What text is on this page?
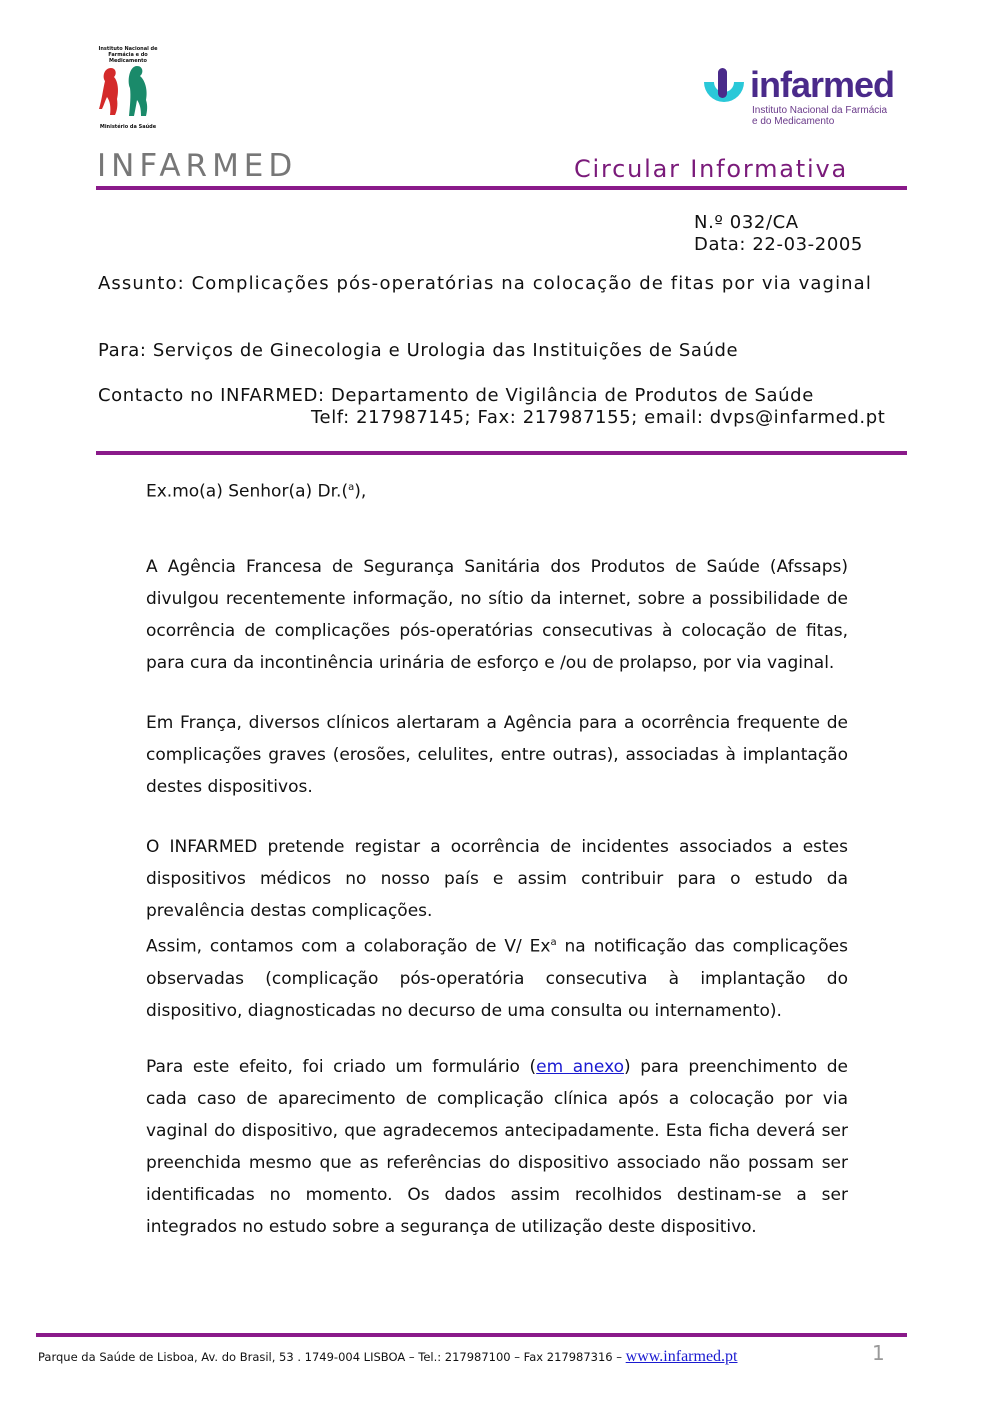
Instituto Nacional de Farmácia e do Medicamento
Ministério da Saúde
infarmed
Instituto Nacional da Farmácia
e do Medicamento
INFARMED	Circular Informativa
N.º 032/CA
Data: 22-03-2005
Assunto: Complicações pós-operatórias na colocação de fitas por via vaginal
Para: Serviços de Ginecologia e Urologia das Instituições de Saúde
Contacto no INFARMED: Departamento de Vigilância de Produtos de Saúde
Telf: 217987145; Fax: 217987155; email: dvps@infarmed.pt
Ex.mo(a) Senhor(a) Dr.($^a$),

A Agência Francesa de Segurança Sanitária dos Produtos de Saúde (Afssaps) divulgou recentemente informação, no sítio da internet, sobre a possibilidade de ocorrência de complicações pós-operatórias consecutivas à colocação de fitas, para cura da incontinência urinária de esforço e /ou de prolapso, por via vaginal.

Em França, diversos clínicos alertaram a Agência para a ocorrência frequente de complicações graves (erosões, celulites, entre outras), associadas à implantação destes dispositivos.

O INFARMED pretende registar a ocorrência de incidentes associados a estes dispositivos médicos no nosso país e assim contribuir para o estudo da prevalência destas complicações.

Assim, contamos com a colaboração de V/ Ex$^a$ na notificação das complicações observadas (complicação pós-operatória consecutiva à implantação do dispositivo, diagnosticadas no decurso de uma consulta ou internamento).

Para este efeito, foi criado um formulário (em anexo) para preenchimento de cada caso de aparecimento de complicação clínica após a colocação por via vaginal do dispositivo, que agradecemos antecipadamente. Esta ficha deverá ser preenchida mesmo que as referências do dispositivo associado não possam ser identificadas no momento. Os dados assim recolhidos destinam-se a ser integrados no estudo sobre a segurança de utilização deste dispositivo.

Parque da Saúde de Lisboa, Av. do Brasil, 53 . 1749-004 LISBOA – Tel.: 217987100 – Fax 217987316 – www.infarmed.pt	1
